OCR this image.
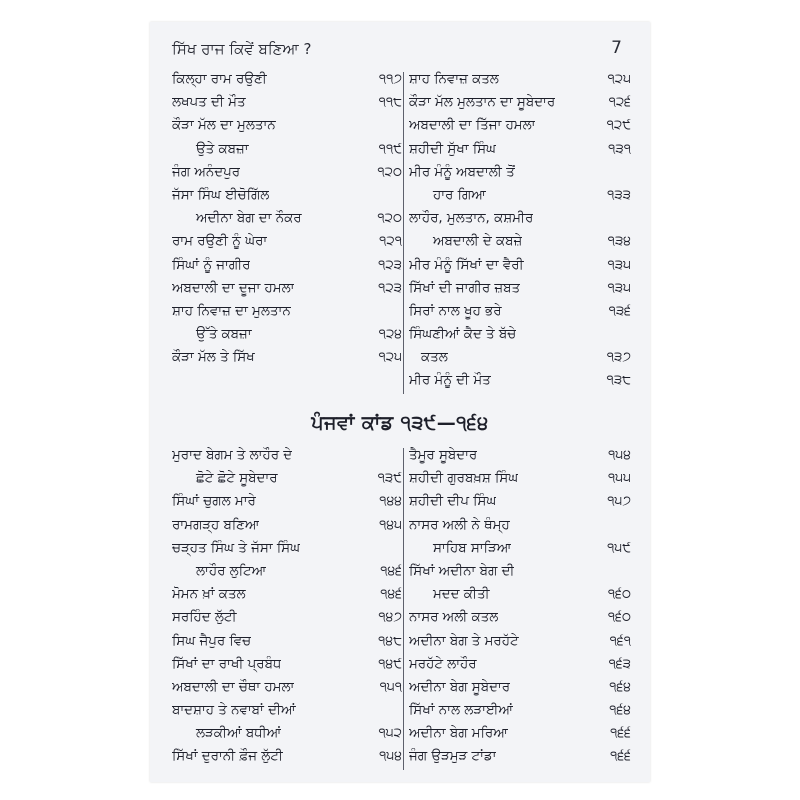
ਸਿੱਖ ਰਾਜ ਕਿਵੇਂ ਬਣਿਆ ?	7
ਕਿਲ੍ਹਾ ਰਾਮ ਰਉਣੀ	੧੧੭
ਲਖਪਤ ਦੀ ਮੌਤ	੧੧੮
ਕੌੜਾ ਮੱਲ ਦਾ ਮੁਲਤਾਨ
ਉਤੇ ਕਬਜ਼ਾ	੧੧੯
ਜੰਗ ਅਨੰਦਪੁਰ	੧੨੦
ਜੱਸਾ ਸਿੰਘ ਈਚੋਗਿੱਲ
ਅਦੀਨਾ ਬੇਗ ਦਾ ਨੌਕਰ	੧੨੦
ਰਾਮ ਰਉਣੀ ਨੂੰ ਘੇਰਾ	੧੨੧
ਸਿੰਘਾਂ ਨੂੰ ਜਾਗੀਰ	੧੨੩
ਅਬਦਾਲੀ ਦਾ ਦੂਜਾ ਹਮਲਾ	੧੨੩
ਸ਼ਾਹ ਨਿਵਾਜ਼ ਦਾ ਮੁਲਤਾਨ
ਉੱਤੇ ਕਬਜ਼ਾ	੧੨੪
ਕੌੜਾ ਮੱਲ ਤੇ ਸਿੱਖ	੧੨੫
ਸ਼ਾਹ ਨਿਵਾਜ਼ ਕਤਲ	੧੨੫
ਕੌੜਾ ਮੱਲ ਮੁਲਤਾਨ ਦਾ ਸੂਬੇਦਾਰ	੧੨੬
ਅਬਦਾਲੀ ਦਾ ਤਿੱਜਾ ਹਮਲਾ	੧੨੯
ਸ਼ਹੀਦੀ ਸੁੱਖਾ ਸਿੰਘ	੧੩੧
ਮੀਰ ਮੰਨੂੰ ਅਬਦਾਲੀ ਤੋਂ
ਹਾਰ ਗਿਆ	੧੩੩
ਲਾਹੌਰ, ਮੁਲਤਾਨ, ਕਸ਼ਮੀਰ
ਅਬਦਾਲੀ ਦੇ ਕਬਜ਼ੇ	੧੩੪
ਮੀਰ ਮੰਨੂੰ ਸਿੱਖਾਂ ਦਾ ਵੈਰੀ	੧੩੫
ਸਿੱਖਾਂ ਦੀ ਜਾਗੀਰ ਜ਼ਬਤ	੧੩੫
ਸਿਰਾਂ ਨਾਲ ਖੂਹ ਭਰੇ	੧੩੬
ਸਿੰਘਣੀਆਂ ਕੈਦ ਤੇ ਬੱਚੇ
ਕਤਲ	੧੩੭
ਮੀਰ ਮੰਨੂੰ ਦੀ ਮੌਤ	੧੩੮
ਪੰਜਵਾਂ ਕਾਂਡ ੧੩੯—੧੬੪
ਮੁਰਾਦ ਬੇਗਮ ਤੇ ਲਾਹੌਰ ਦੇ
ਛੋਟੇ ਛੋਟੇ ਸੂਬੇਦਾਰ	੧੩੯
ਸਿੰਘਾਂ ਚੁਗਲ ਮਾਰੇ	੧੪੪
ਰਾਮਗੜ੍ਹ ਬਣਿਆ	੧੪੫
ਚੜ੍ਹਤ ਸਿੰਘ ਤੇ ਜੱਸਾ ਸਿੰਘ
ਲਾਹੌਰ ਲੁਟਿਆ	੧੪੬
ਮੋਮਨ ਖ਼ਾਂ ਕਤਲ	੧੪੬
ਸਰਹਿੰਦ ਲੁੱਟੀ	੧੪੭
ਸਿਘ ਜੈਪੁਰ ਵਿਚ	੧੪੮
ਸਿੱਖਾਂ ਦਾ ਰਾਖੀ ਪ੍ਰਬੰਧ	੧੪੯
ਅਬਦਾਲੀ ਦਾ ਚੌਥਾ ਹਮਲਾ	੧੫੧
ਬਾਦਸ਼ਾਹ ਤੇ ਨਵਾਬਾਂ ਦੀਆਂ
ਲੜਕੀਆਂ ਬਧੀਆਂ	੧੫੨
ਸਿੱਖਾਂ ਦੁਰਾਨੀ ਫ਼ੌਜ ਲੁੱਟੀ	੧੫੪
ਤੈਮੂਰ ਸੂਬੇਦਾਰ	੧੫੪
ਸ਼ਹੀਦੀ ਗੁਰਬਖ਼ਸ਼ ਸਿੰਘ	੧੫੫
ਸ਼ਹੀਦੀ ਦੀਪ ਸਿੰਘ	੧੫੭
ਨਾਸਰ ਅਲੀ ਨੇ ਥੰਮ੍ਹ
ਸਾਹਿਬ ਸਾੜਿਆ	੧੫੯
ਸਿੱਖਾਂ ਅਦੀਨਾ ਬੇਗ ਦੀ
ਮਦਦ ਕੀਤੀ	੧੬੦
ਨਾਸਰ ਅਲੀ ਕਤਲ	੧੬੦
ਅਦੀਨਾ ਬੇਗ ਤੇ ਮਰਹੱਟੇ	੧੬੧
ਮਰਹੱਟੇ ਲਾਹੌਰ	੧੬੩
ਅਦੀਨਾ ਬੇਗ ਸੂਬੇਦਾਰ	੧੬੪
ਸਿੱਖਾਂ ਨਾਲ ਲੜਾਈਆਂ	੧੬੪
ਅਦੀਨਾ ਬੇਗ ਮਰਿਆ	੧੬੬
ਜੰਗ ਉੜਮੁੜ ਟਾਂਡਾ	੧੬੬
